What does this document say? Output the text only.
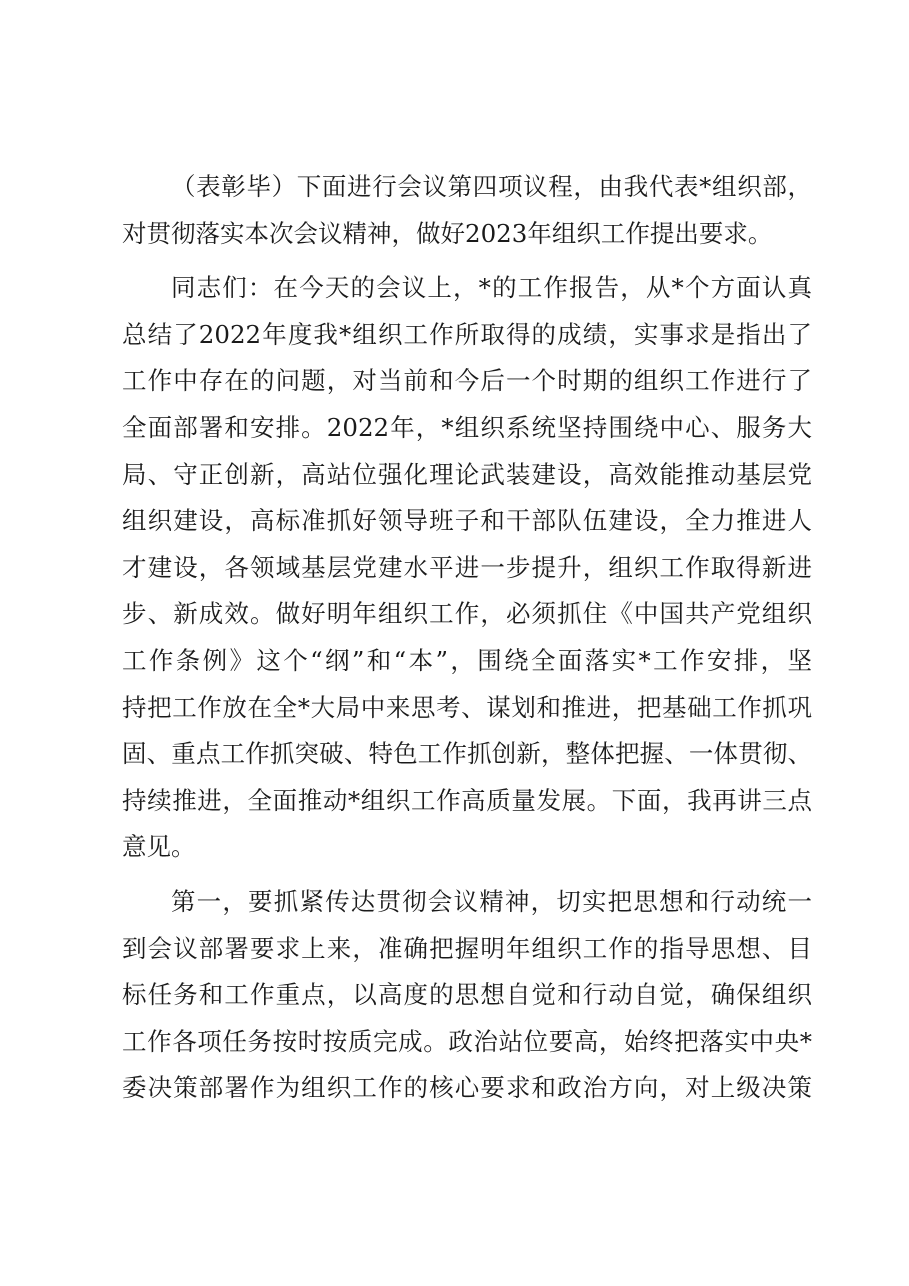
（表彰毕）下面进行会议第四项议程，由我代表*组织部，
对贯彻落实本次会议精神，做好2023年组织工作提出要求。
同志们：在今天的会议上，*的工作报告，从*个方面认真
总结了2022年度我*组织工作所取得的成绩，实事求是指出了
工作中存在的问题，对当前和今后一个时期的组织工作进行了
全面部署和安排。2022年，*组织系统坚持围绕中心、服务大
局、守正创新，高站位强化理论武装建设，高效能推动基层党
组织建设，高标准抓好领导班子和干部队伍建设，全力推进人
才建设，各领域基层党建水平进一步提升，组织工作取得新进
步、新成效。做好明年组织工作，必须抓住《中国共产党组织
工作条例》这个“纲”和“本”，围绕全面落实*工作安排，坚
持把工作放在全*大局中来思考、谋划和推进，把基础工作抓巩
固、重点工作抓突破、特色工作抓创新，整体把握、一体贯彻、
持续推进，全面推动*组织工作高质量发展。下面，我再讲三点
意见。
第一，要抓紧传达贯彻会议精神，切实把思想和行动统一
到会议部署要求上来，准确把握明年组织工作的指导思想、目
标任务和工作重点，以高度的思想自觉和行动自觉，确保组织
工作各项任务按时按质完成。政治站位要高，始终把落实中央*
委决策部署作为组织工作的核心要求和政治方向，对上级决策
